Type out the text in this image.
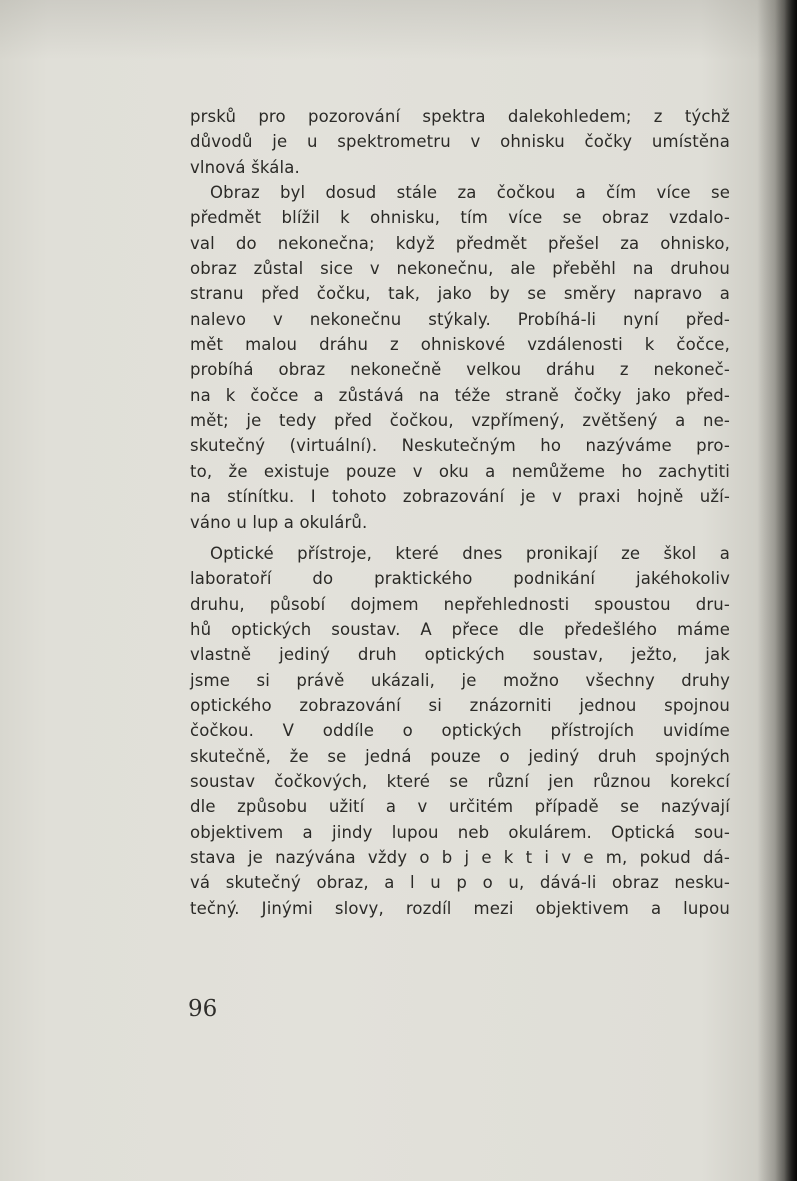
prsků pro pozorování spektra dalekohledem; z týchž
důvodů je u spektrometru v ohnisku čočky umístěna
vlnová škála.
Obraz byl dosud stále za čočkou a čím více se
předmět blížil k ohnisku, tím více se obraz vzdalo-
val do nekonečna; když předmět přešel za ohnisko,
obraz zůstal sice v nekonečnu, ale přeběhl na druhou
stranu před čočku, tak, jako by se směry napravo a
nalevo v nekonečnu stýkaly. Probíhá-li nyní před-
mět malou dráhu z ohniskové vzdálenosti k čočce,
probíhá obraz nekonečně velkou dráhu z nekoneč-
na k čočce a zůstává na téže straně čočky jako před-
mět; je tedy před čočkou, vzpřímený, zvětšený a ne-
skutečný (virtuální). Neskutečným ho nazýváme pro-
to, že existuje pouze v oku a nemůžeme ho zachytiti
na stínítku. I tohoto zobrazování je v praxi hojně uží-
váno u lup a okulárů.
Optické přístroje, které dnes pronikají ze škol a
laboratoří do praktického podnikání jakéhokoliv
druhu, působí dojmem nepřehlednosti spoustou dru-
hů optických soustav. A přece dle předešlého máme
vlastně jediný druh optických soustav, ježto, jak
jsme si právě ukázali, je možno všechny druhy
optického zobrazování si znázorniti jednou spojnou
čočkou. V oddíle o optických přístrojích uvidíme
skutečně, že se jedná pouze o jediný druh spojných
soustav čočkových, které se různí jen různou korekcí
dle způsobu užití a v určitém případě se nazývají
objektivem a jindy lupou neb okulárem. Optická sou-
stava je nazývána vždy o b j e k t i v e m, pokud dá-
vá skutečný obraz, a l u p o u, dává-li obraz nesku-
tečný. Jinými slovy, rozdíl mezi objektivem a lupou
96
